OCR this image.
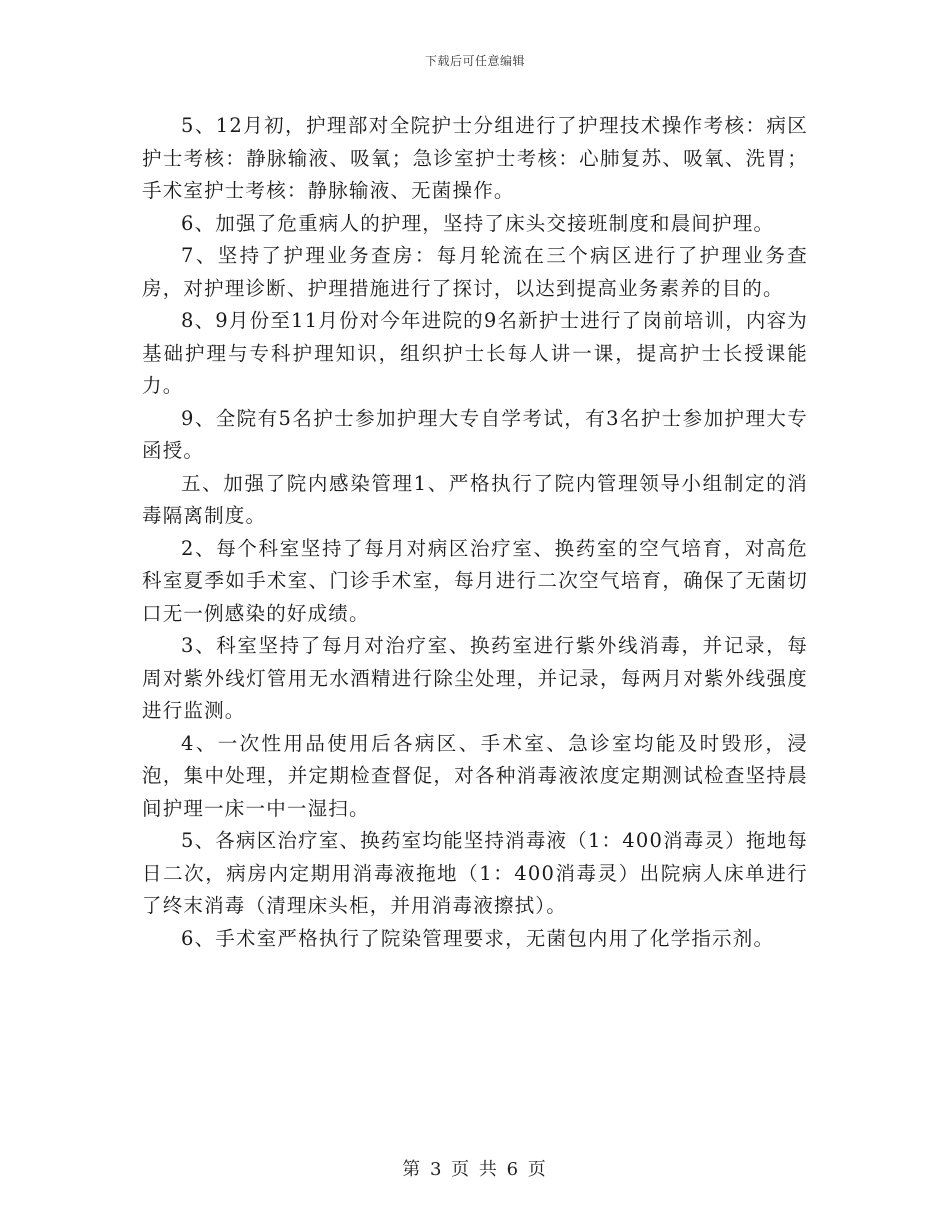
下载后可任意编辑

5、12月初，护理部对全院护士分组进行了护理技术操作考核：病区护士考核：静脉输液、吸氧；急诊室护士考核：心肺复苏、吸氧、洗胃；手术室护士考核：静脉输液、无菌操作。

6、加强了危重病人的护理，坚持了床头交接班制度和晨间护理。

7、坚持了护理业务查房：每月轮流在三个病区进行了护理业务查房，对护理诊断、护理措施进行了探讨，以达到提高业务素养的目的。

8、9月份至11月份对今年进院的9名新护士进行了岗前培训，内容为基础护理与专科护理知识，组织护士长每人讲一课，提高护士长授课能力。

9、全院有5名护士参加护理大专自学考试，有3名护士参加护理大专函授。

五、加强了院内感染管理1、严格执行了院内管理领导小组制定的消毒隔离制度。

2、每个科室坚持了每月对病区治疗室、换药室的空气培育，对高危科室夏季如手术室、门诊手术室，每月进行二次空气培育，确保了无菌切口无一例感染的好成绩。

3、科室坚持了每月对治疗室、换药室进行紫外线消毒，并记录，每周对紫外线灯管用无水酒精进行除尘处理，并记录，每两月对紫外线强度进行监测。

4、一次性用品使用后各病区、手术室、急诊室均能及时毁形，浸泡，集中处理，并定期检查督促，对各种消毒液浓度定期测试检查坚持晨间护理一床一中一湿扫。

5、各病区治疗室、换药室均能坚持消毒液（1：400消毒灵）拖地每日二次，病房内定期用消毒液拖地（1：400消毒灵）出院病人床单进行了终末消毒（清理床头柜，并用消毒液擦拭）。

6、手术室严格执行了院染管理要求，无菌包内用了化学指示剂。

第 3 页 共 6 页
